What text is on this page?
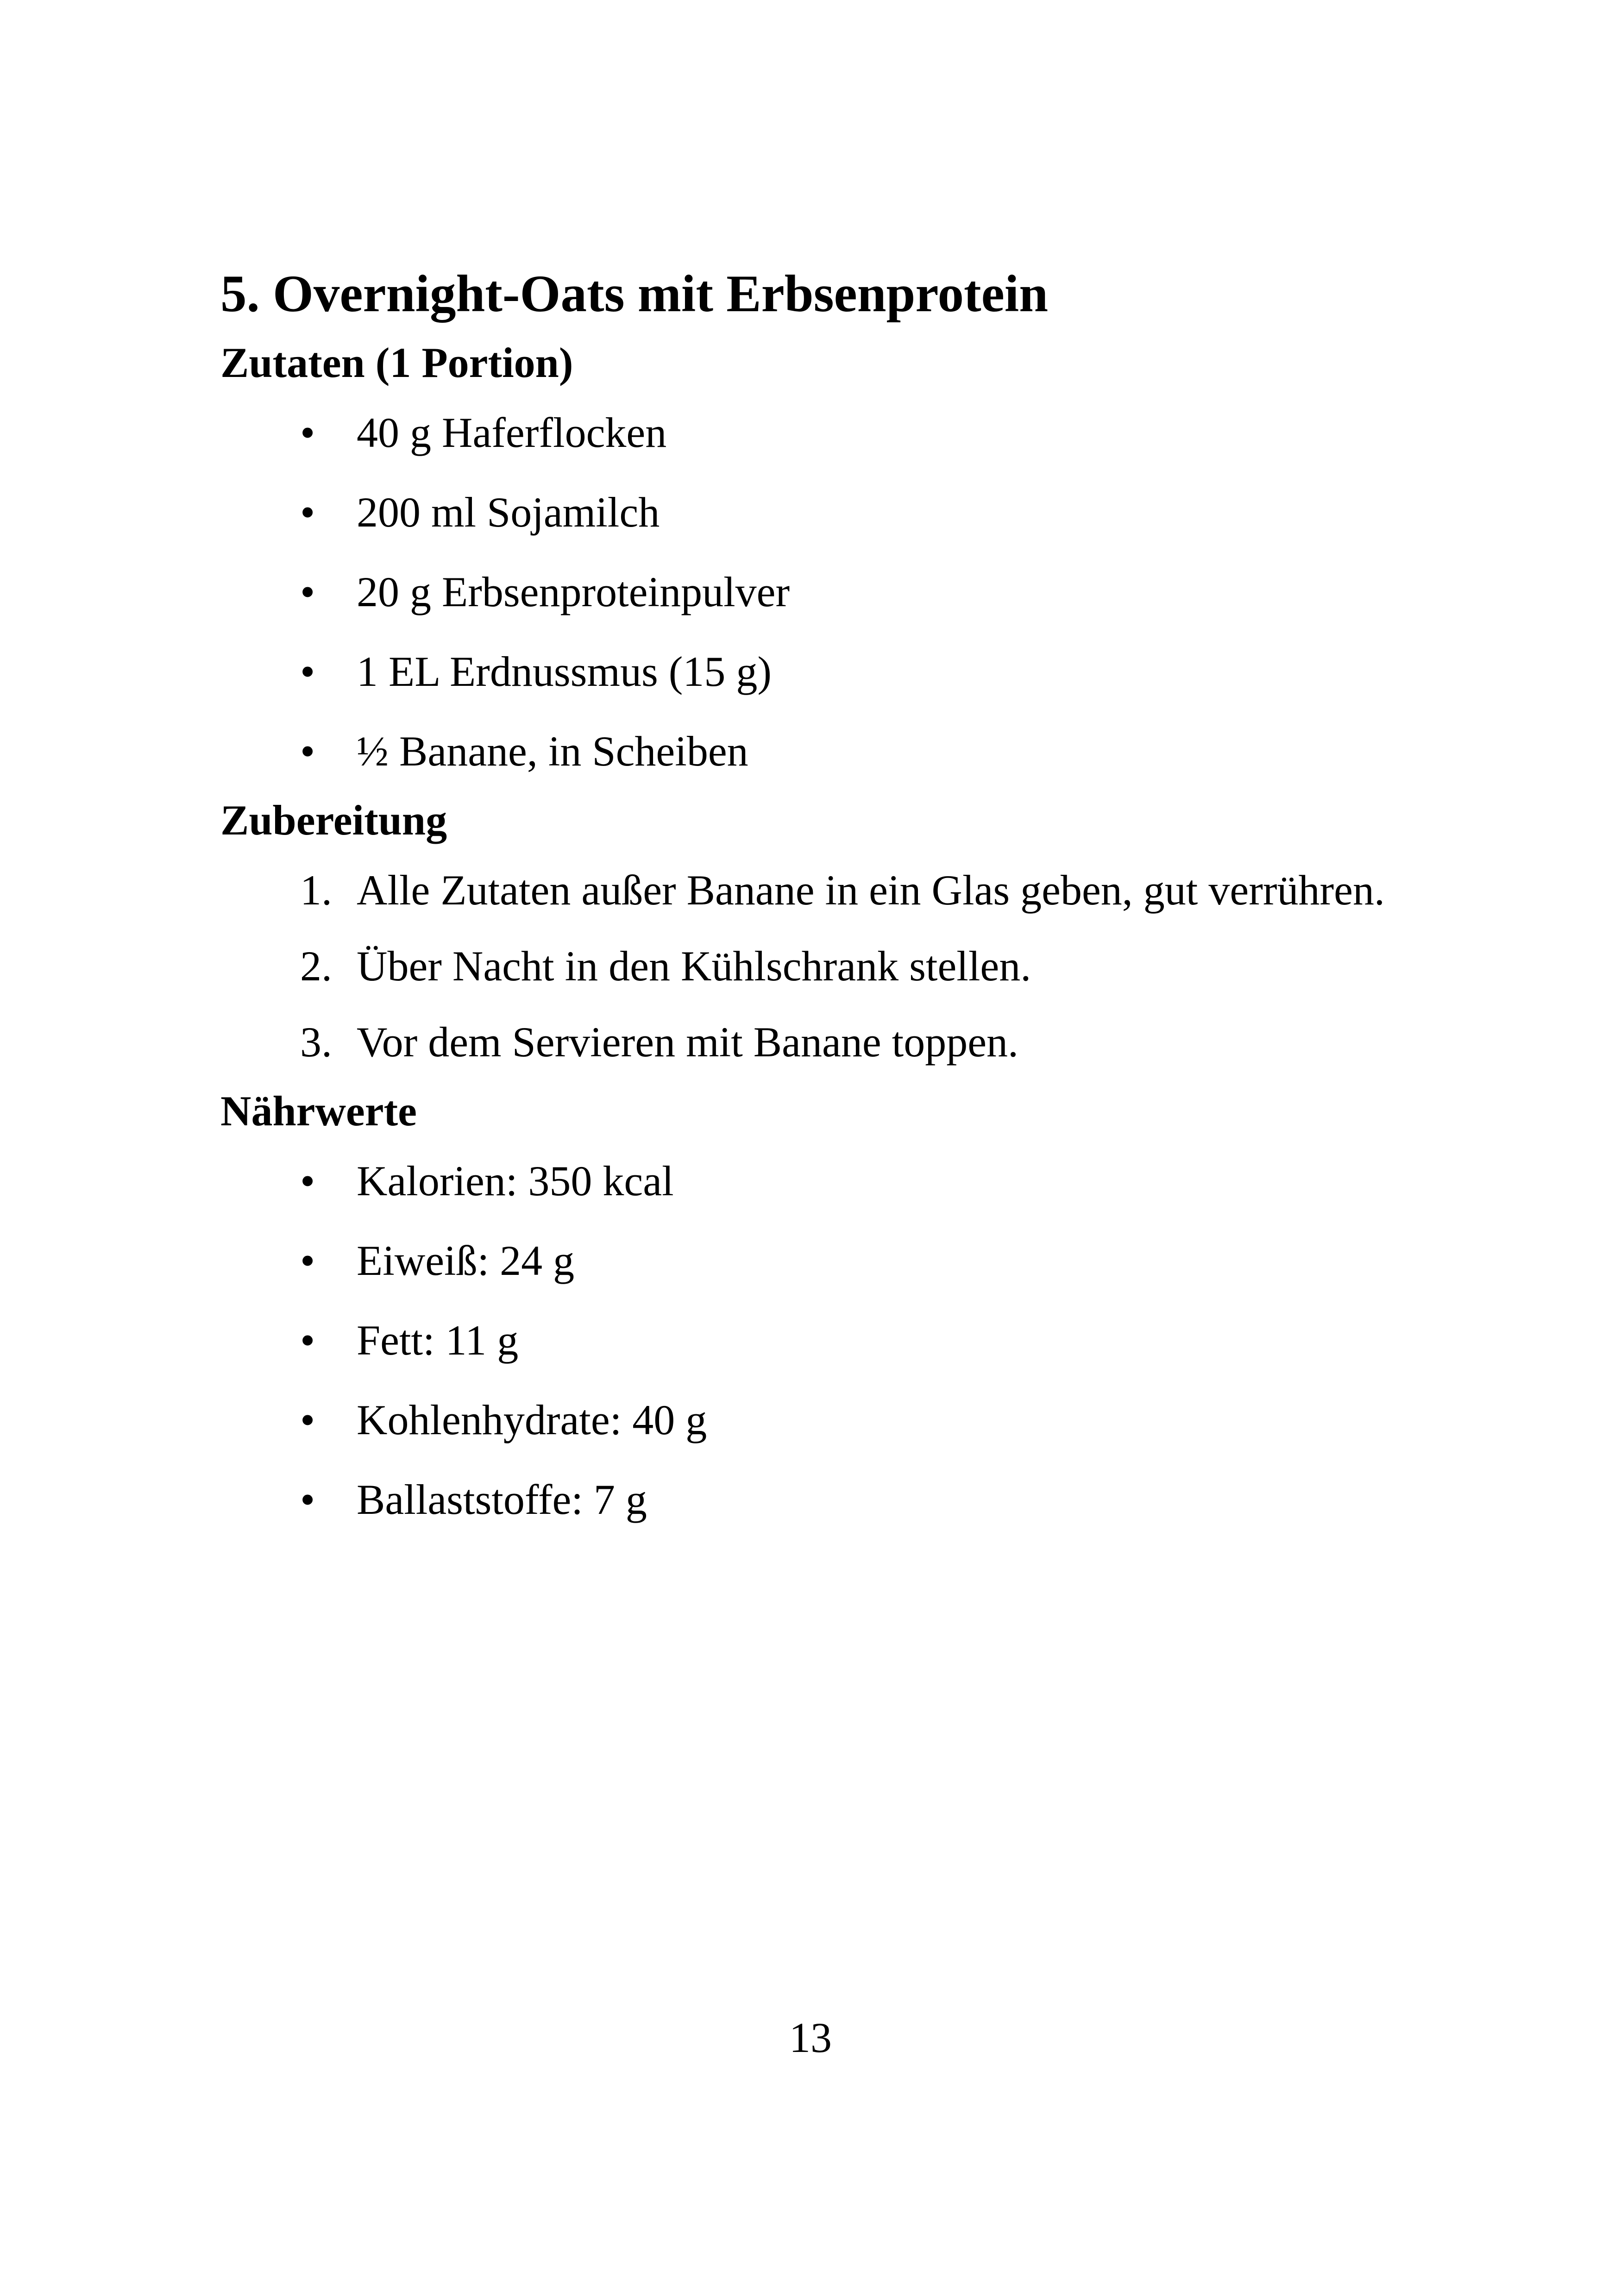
5. Overnight-Oats mit Erbsenprotein
Zutaten (1 Portion)
• 40 g Haferflocken
• 200 ml Sojamilch
• 20 g Erbsenproteinpulver
• 1 EL Erdnussmus (15 g)
• ½ Banane, in Scheiben
Zubereitung
1. Alle Zutaten außer Banane in ein Glas geben, gut verrühren.
2. Über Nacht in den Kühlschrank stellen.
3. Vor dem Servieren mit Banane toppen.
Nährwerte
• Kalorien: 350 kcal
• Eiweiß: 24 g
• Fett: 11 g
• Kohlenhydrate: 40 g
• Ballaststoffe: 7 g
13
